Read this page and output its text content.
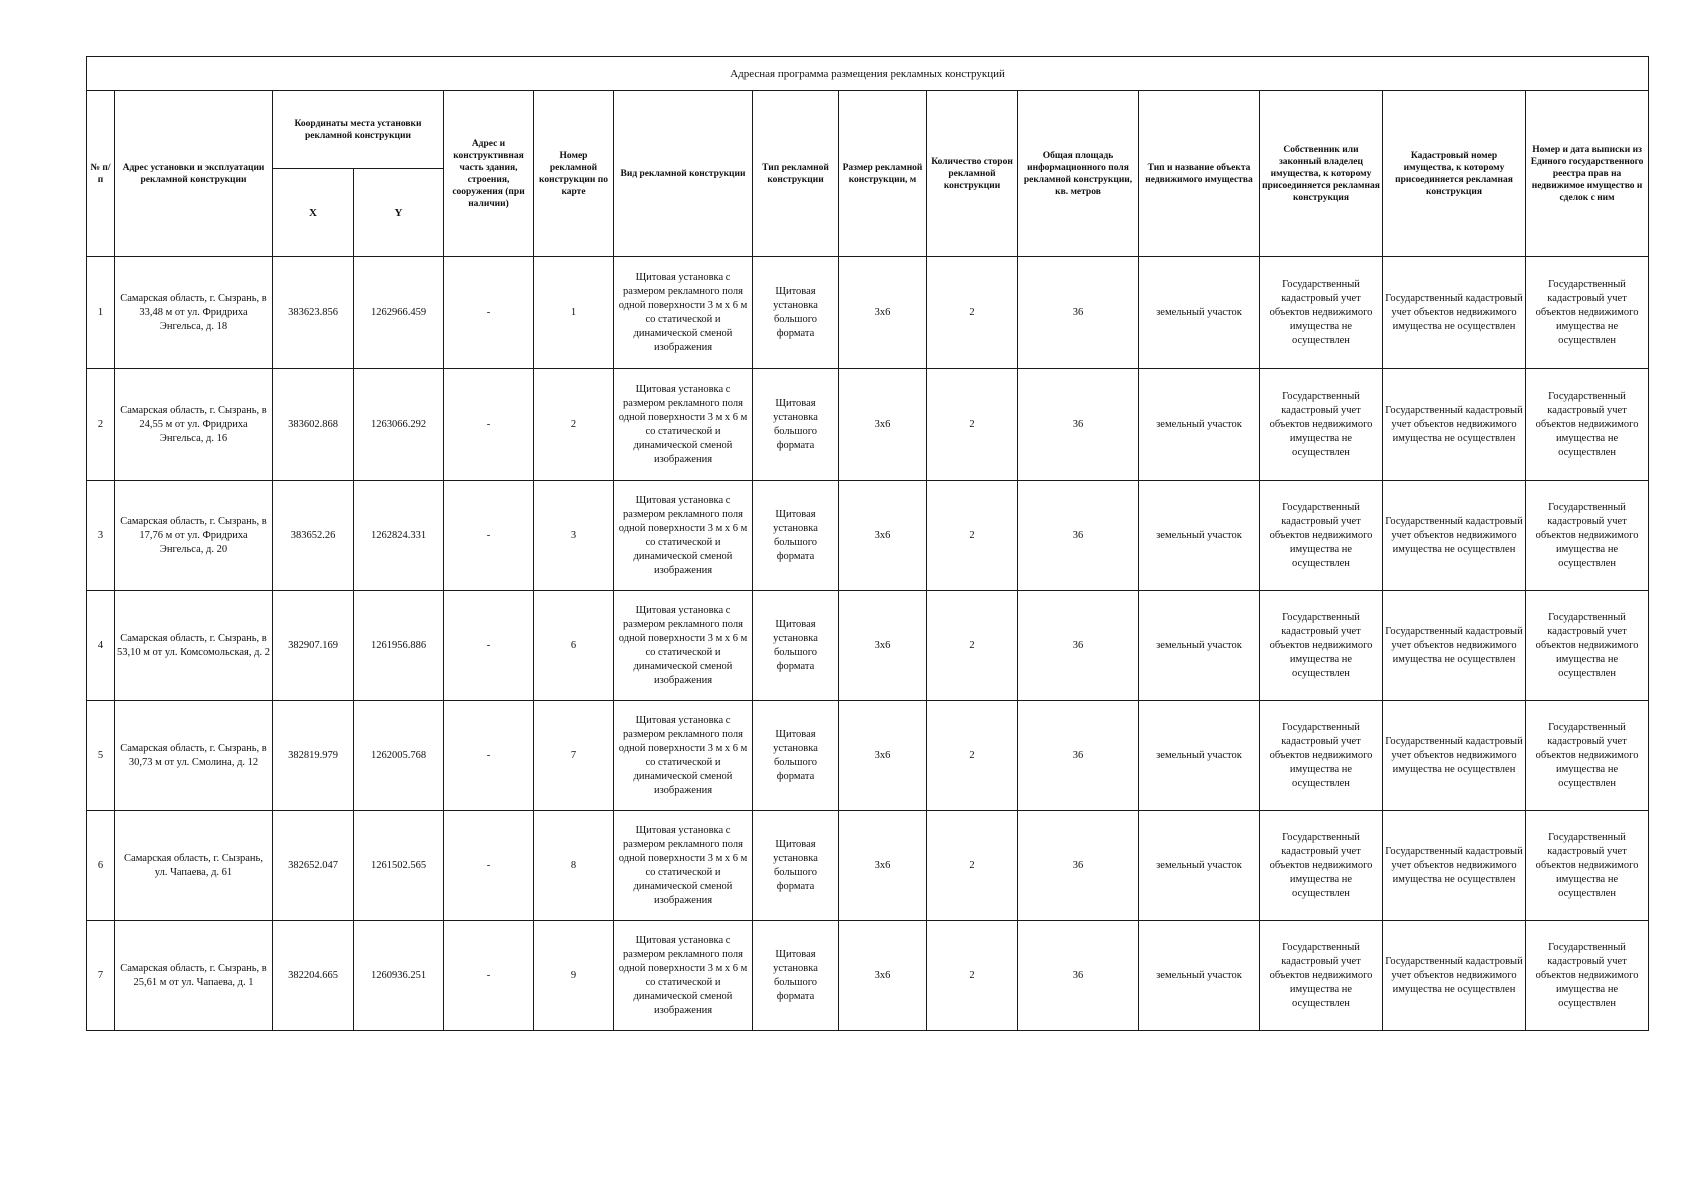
Адресная программа размещения рекламных конструкций														
№ п/п	Адрес установки и эксплуатации рекламной конструкции	Координаты места установки рекламной конструкции		Адрес и конструктивная часть здания, строения, сооружения (при наличии)	Номер рекламной конструкции по карте	Вид рекламной конструкции	Тип рекламной конструкции	Размер рекламной конструкции, м	Количество сторон рекламной конструкции	Общая площадь информационного поля рекламной конструкции, кв. метров	Тип и название объекта недвижимого имущества	Собственник или законный владелец имущества, к которому присоединяется рекламная конструкция	Кадастровый номер имущества, к которому присоединяется рекламная конструкция	Номер и дата выписки из Единого государственного реестра прав на недвижимое имущество и сделок с ним
		X	Y											
1	Самарская область, г. Сызрань, в 33,48 м от ул. Фридриха Энгельса, д. 18	383623.856	1262966.459	-	1	Щитовая установка с размером рекламного поля одной поверхности 3 м х 6 м со статической и динамической сменой изображения	Щитовая установка большого формата	3х6	2	36	земельный участок	Государственный кадастровый учет объектов недвижимого имущества не осуществлен	Государственный кадастровый учет объектов недвижимого имущества не осуществлен	Государственный кадастровый учет объектов недвижимого имущества не осуществлен
2	Самарская область, г. Сызрань, в 24,55 м от ул. Фридриха Энгельса, д. 16	383602.868	1263066.292	-	2	Щитовая установка с размером рекламного поля одной поверхности 3 м х 6 м со статической и динамической сменой изображения	Щитовая установка большого формата	3х6	2	36	земельный участок	Государственный кадастровый учет объектов недвижимого имущества не осуществлен	Государственный кадастровый учет объектов недвижимого имущества не осуществлен	Государственный кадастровый учет объектов недвижимого имущества не осуществлен
3	Самарская область, г. Сызрань, в 17,76 м от ул. Фридриха Энгельса, д. 20	383652.26	1262824.331	-	3	Щитовая установка с размером рекламного поля одной поверхности 3 м х 6 м со статической и динамической сменой изображения	Щитовая установка большого формата	3х6	2	36	земельный участок	Государственный кадастровый учет объектов недвижимого имущества не осуществлен	Государственный кадастровый учет объектов недвижимого имущества не осуществлен	Государственный кадастровый учет объектов недвижимого имущества не осуществлен
4	Самарская область, г. Сызрань, в 53,10 м от ул. Комсомольская, д. 2	382907.169	1261956.886	-	6	Щитовая установка с размером рекламного поля одной поверхности 3 м х 6 м со статической и динамической сменой изображения	Щитовая установка большого формата	3х6	2	36	земельный участок	Государственный кадастровый учет объектов недвижимого имущества не осуществлен	Государственный кадастровый учет объектов недвижимого имущества не осуществлен	Государственный кадастровый учет объектов недвижимого имущества не осуществлен
5	Самарская область, г. Сызрань, в 30,73 м от ул. Смолина, д. 12	382819.979	1262005.768	-	7	Щитовая установка с размером рекламного поля одной поверхности 3 м х 6 м со статической и динамической сменой изображения	Щитовая установка большого формата	3х6	2	36	земельный участок	Государственный кадастровый учет объектов недвижимого имущества не осуществлен	Государственный кадастровый учет объектов недвижимого имущества не осуществлен	Государственный кадастровый учет объектов недвижимого имущества не осуществлен
6	Самарская область, г. Сызрань, ул. Чапаева, д. 61	382652.047	1261502.565	-	8	Щитовая установка с размером рекламного поля одной поверхности 3 м х 6 м со статической и динамической сменой изображения	Щитовая установка большого формата	3х6	2	36	земельный участок	Государственный кадастровый учет объектов недвижимого имущества не осуществлен	Государственный кадастровый учет объектов недвижимого имущества не осуществлен	Государственный кадастровый учет объектов недвижимого имущества не осуществлен
7	Самарская область, г. Сызрань, в 25,61 м от ул. Чапаева, д. 1	382204.665	1260936.251	-	9	Щитовая установка с размером рекламного поля одной поверхности 3 м х 6 м со статической и динамической сменой изображения	Щитовая установка большого формата	3х6	2	36	земельный участок	Государственный кадастровый учет объектов недвижимого имущества не осуществлен	Государственный кадастровый учет объектов недвижимого имущества не осуществлен	Государственный кадастровый учет объектов недвижимого имущества не осуществлен
